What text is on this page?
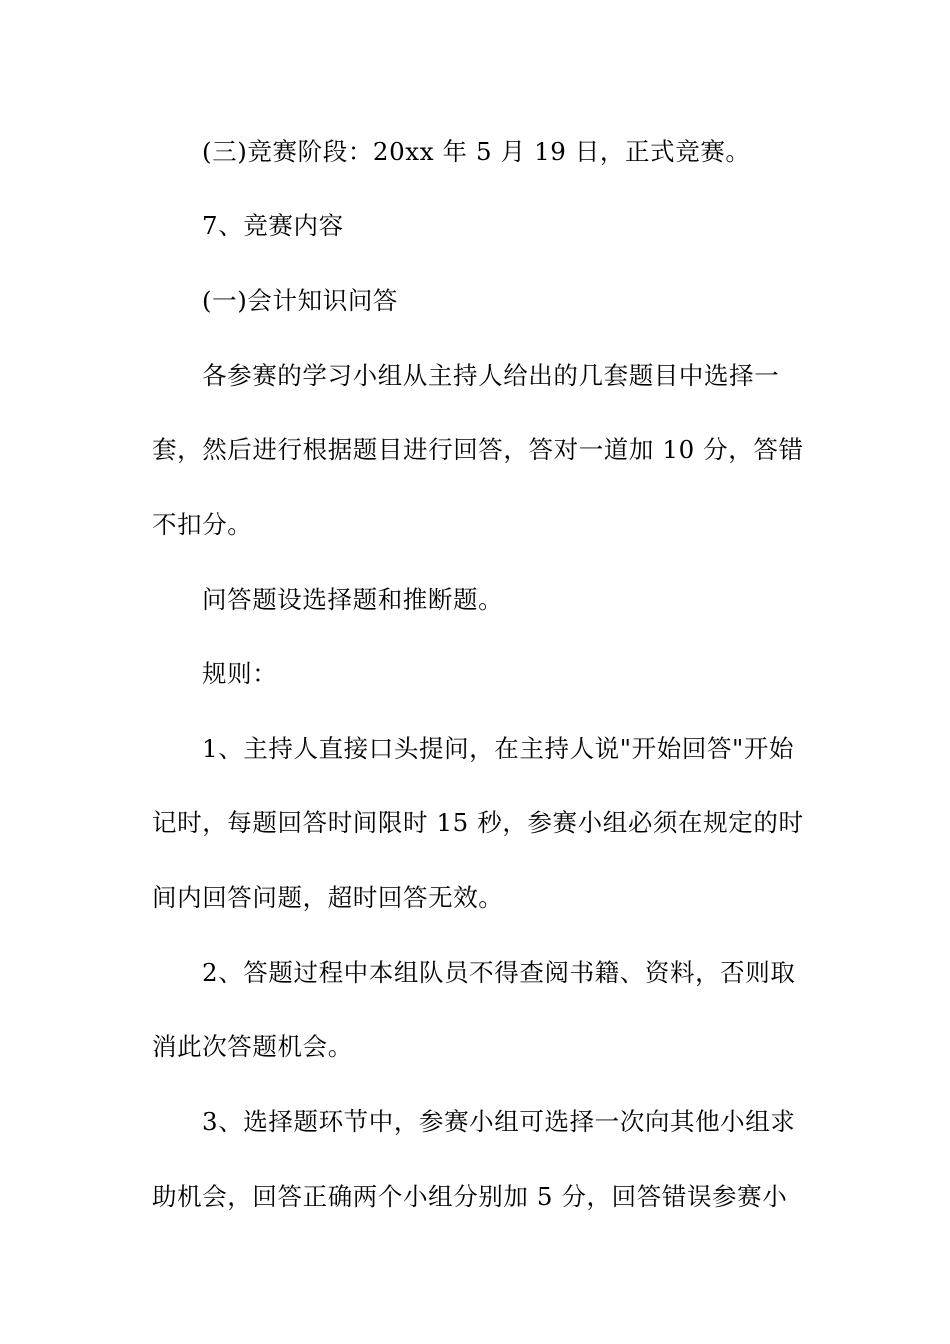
(三)竞赛阶段：20xx 年 5 月 19 日，正式竞赛。
7、竞赛内容
(一)会计知识问答
各参赛的学习小组从主持人给出的几套题目中选择一
套，然后进行根据题目进行回答，答对一道加 10 分，答错
不扣分。
问答题设选择题和推断题。
规则：
1、主持人直接口头提问，在主持人说"开始回答"开始
记时，每题回答时间限时 15 秒，参赛小组必须在规定的时
间内回答问题，超时回答无效。
2、答题过程中本组队员不得查阅书籍、资料，否则取
消此次答题机会。
3、选择题环节中，参赛小组可选择一次向其他小组求
助机会，回答正确两个小组分别加 5 分，回答错误参赛小
